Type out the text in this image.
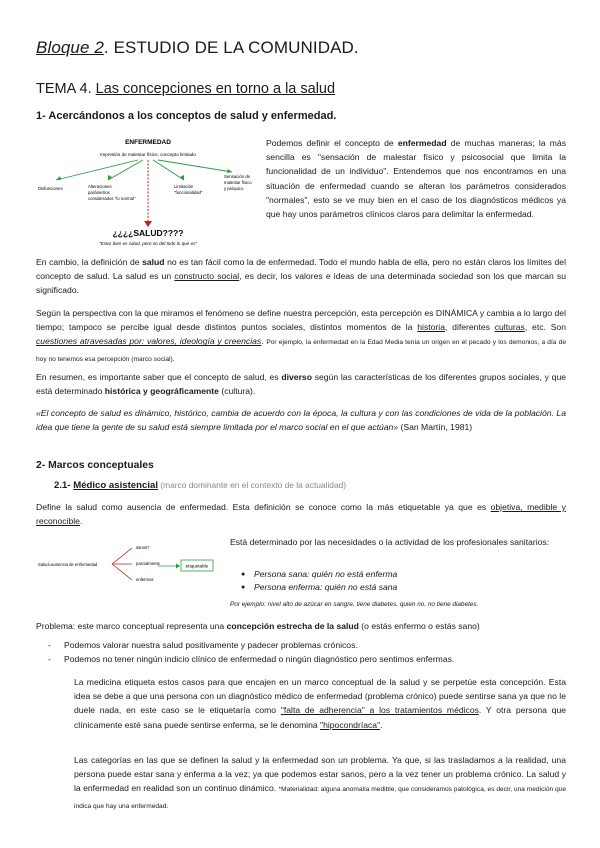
Bloque 2. ESTUDIO DE LA COMUNIDAD.
TEMA 4. Las concepciones en torno a la salud
1- Acercándonos a los conceptos de salud y enfermedad.
ENFERMEDAD
Impresión de malestar físico, concepto limitado
Disfunciones	Alteraciones
parámetros
considerados "lo normal"
Limitación
"funcionalidad"
Sensación de
malestar físico
y psíquico
¿¿¿¿SALUD????
"Estar bien es salud, pero no del todo lo que es"
Podemos definir el concepto de enfermedad de muchas maneras; la más sencilla es "sensación de malestar físico y psicosocial que limita la funcionalidad de un individuo". Entendemos que nos encontramos en una situación de enfermedad cuando se alteran los parámetros considerados "normales", esto se ve muy bien en el caso de los diagnósticos médicos ya que hay unos parámetros clínicos claros para delimitar la enfermedad.
En cambio, la definición de salud no es tan fácil como la de enfermedad. Todo el mundo habla de ella, pero no están claros los límites del concepto de salud. La salud es un constructo social, es decir, los valores e ideas de una determinada sociedad son los que marcan su significado.
Según la perspectiva con la que miramos el fenómeno se define nuestra percepción, esta percepción es DINÁMICA y cambia a lo largo del tiempo; tampoco se percibe igual desde distintos puntos sociales, distintos momentos de la historia, diferentes culturas, etc. Son cuestiones atravesadas por: valores, ideología y creencias. Por ejemplo, la enfermedad en la Edad Media tenía un origen en el pecado y los demonios, a día de hoy no tenemos esa percepción (marco social).
En resumen, es importante saber que el concepto de salud, es diverso según las características de los diferentes grupos sociales, y que está determinado histórica y geográficamente (cultura).
«El concepto de salud es dinámico, histórico, cambia de acuerdo con la época, la cultura y con las condiciones de vida de la población. La idea que tiene la gente de su salud está siempre limitada por el marco social en el que actúan» (San Martín, 1981)
2- Marcos conceptuales
2.1- Médico asistencial (marco dominante en el contexto de la actualidad)
Define la salud como ausencia de enfermedad. Esta definición se conoce como la más etiquetable ya que es objetiva, medible y reconocible.
Salud=ausencia de enfermedad
sanos?
parcialmente
enfermos
etiquetable
Está determinado por las necesidades o la actividad de los profesionales sanitarios:
● Persona sana: quién no está enferma
● Persona enferma: quién no está sana
Por ejemplo: nivel alto de azúcar en sangre, tiene diabetes. quien no, no tiene diabetes.
Problema: este marco conceptual representa una concepción estrecha de la salud (o estás enfermo o estás sano)
- Podemos valorar nuestra salud positivamente y padecer problemas crónicos.
- Podemos no tener ningún indicio clínico de enfermedad o ningún diagnóstico pero sentimos enfermas.
La medicina etiqueta estos casos para que encajen en un marco conceptual de la salud y se perpetúe esta concepción. Esta idea se debe a que una persona con un diagnóstico médico de enfermedad (problema crónico) puede sentirse sana ya que no le duele nada, en este caso se le etiquetaría como "falta de adherencia" a los tratamientos médicos. Y otra persona que clínicamente esté sana puede sentirse enferma, se le denomina "hipocondríaca".
Las categorías en las que se definen la salud y la enfermedad son un problema. Ya que, si las trasladamos a la realidad, una persona puede estar sana y enferma a la vez; ya que podemos estar sanos, pero a la vez tener un problema crónico. La salud y la enfermedad en realidad son un continuo dinámico. *Materialidad: alguna anomalía medible, que consideramos patológica, es decir, una medición que indica que hay una enfermedad.
